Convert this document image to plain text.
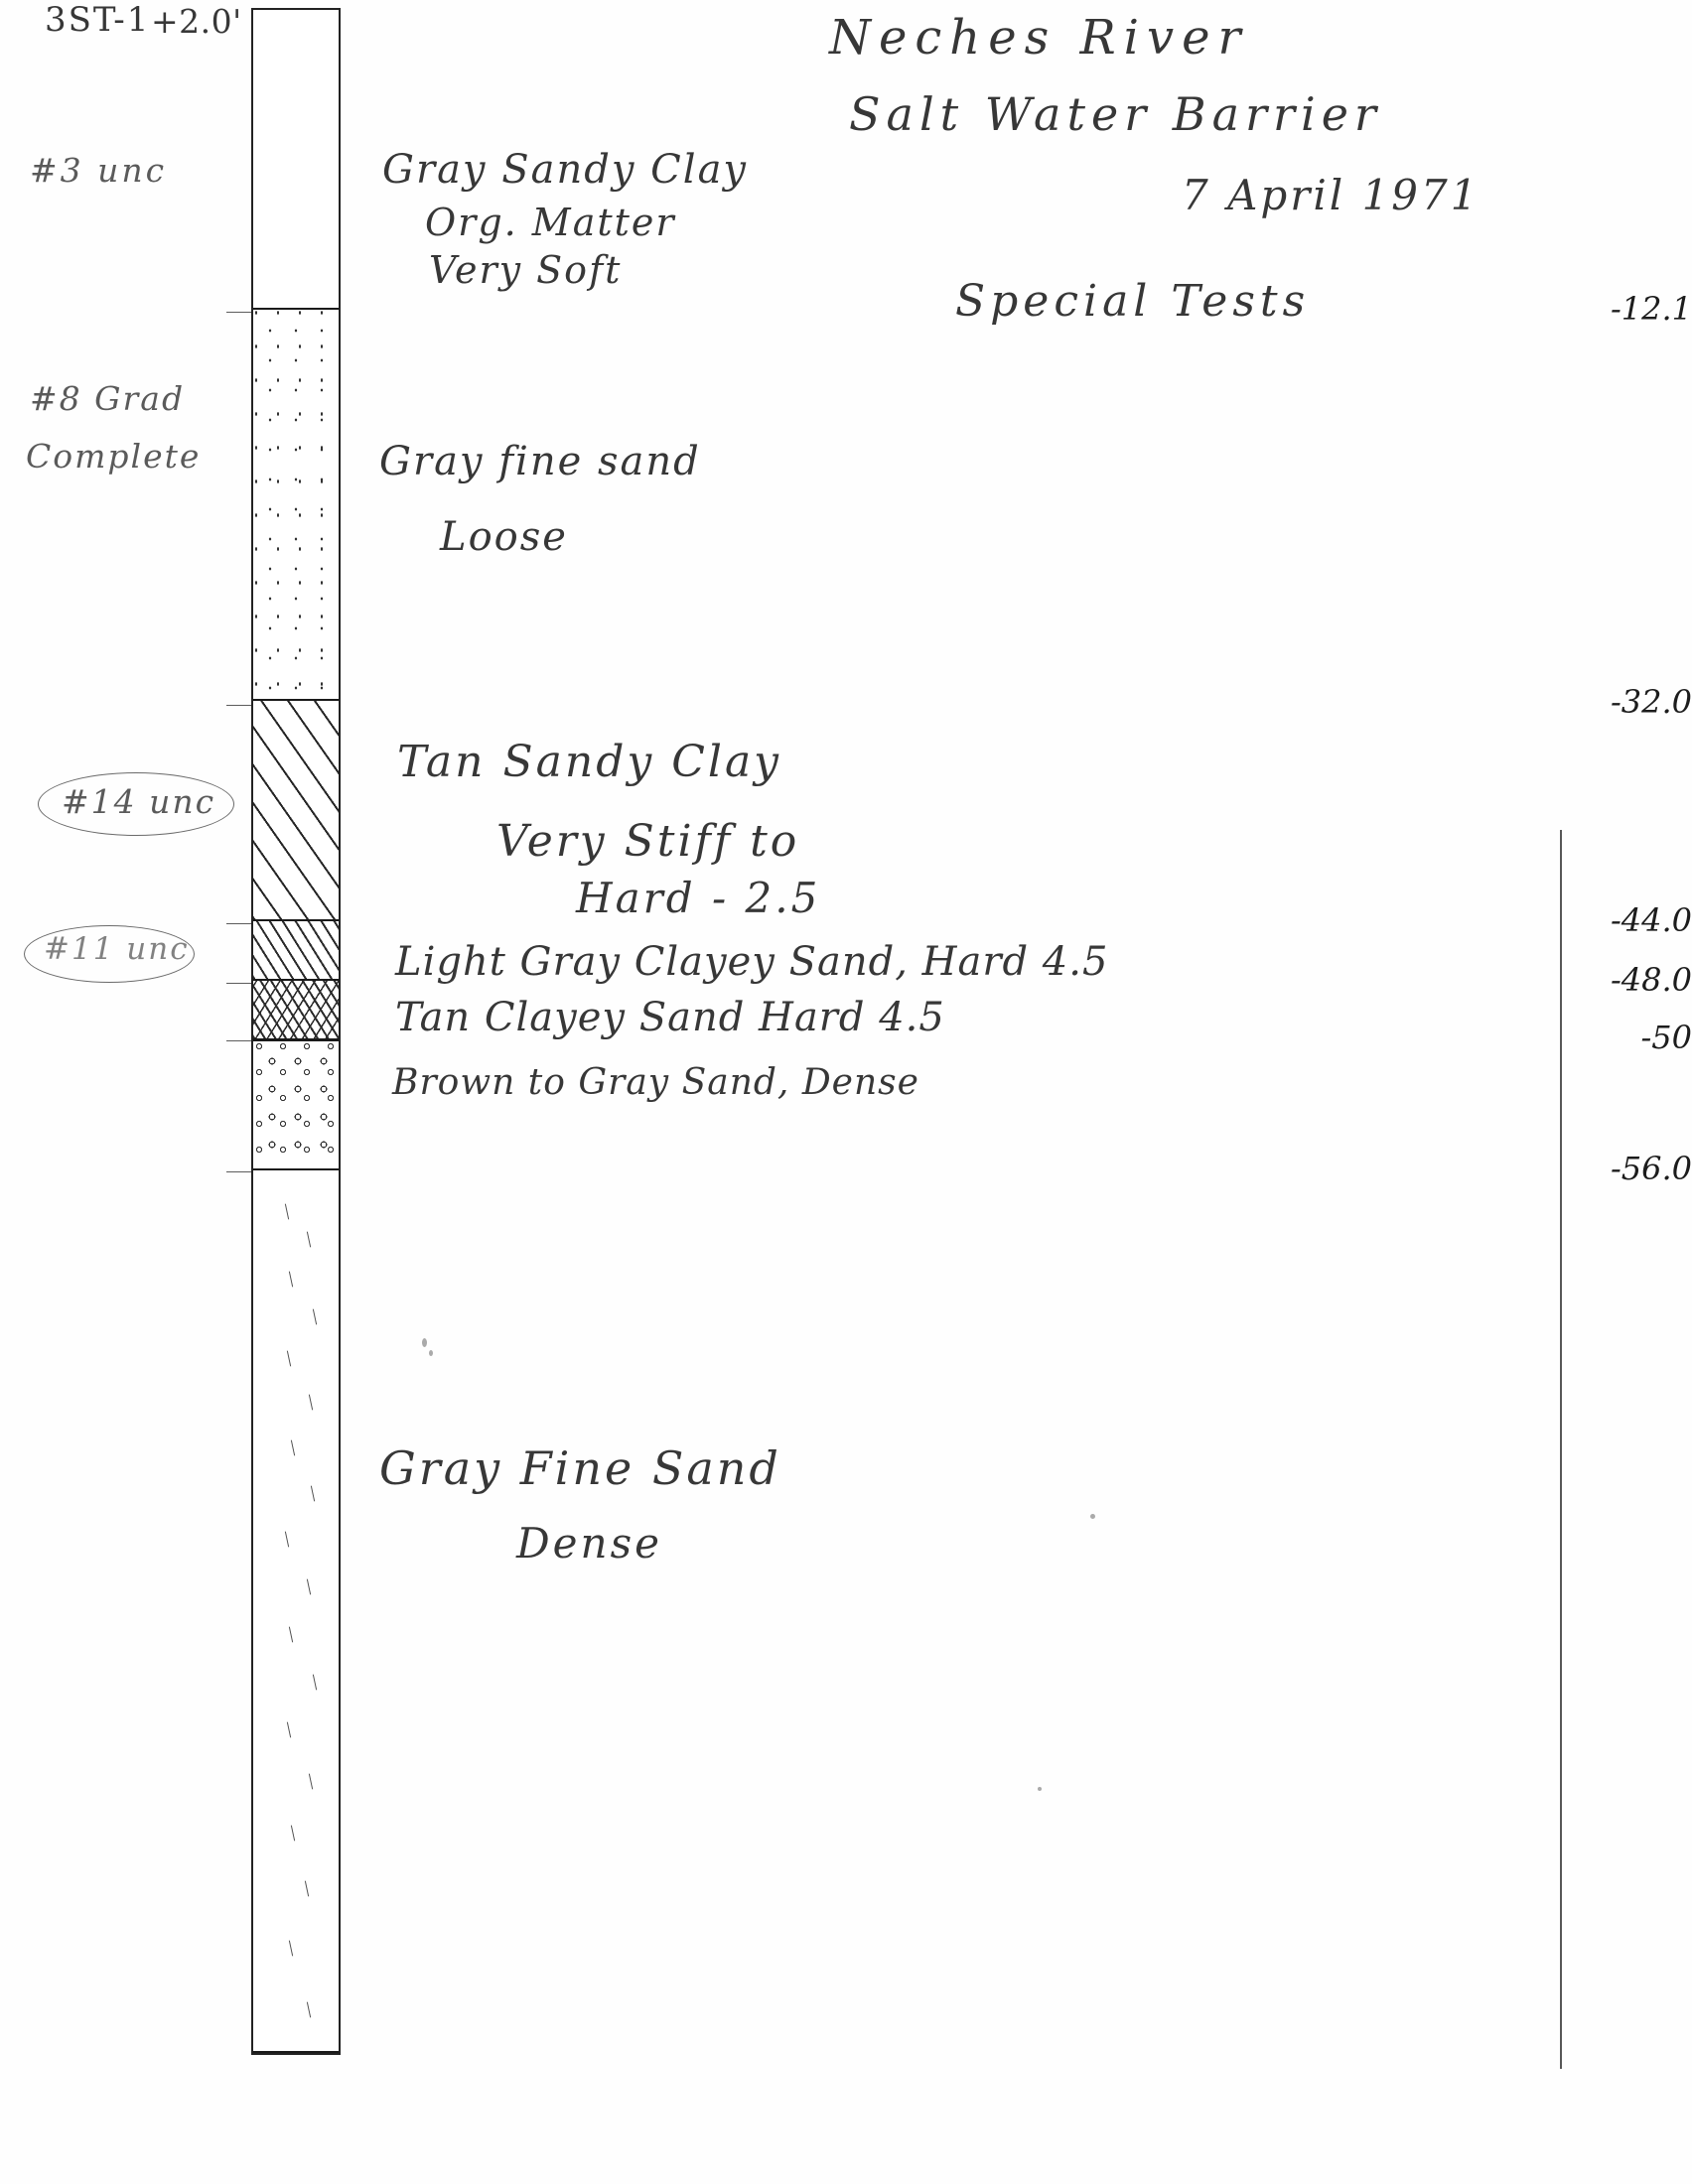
Neches River
Salt Water Barrier
7 April 1971
Special Tests
3ST-1 +2.0'
#3 unc
#8 Grad
Complete
#14 unc
#11 unc
-12.1
-32.0
-44.0
-48.0
-50
-56.0
Gray Sandy Clay
Org. Matter
Very Soft
Gray fine sand
Loose
Tan Sandy Clay
Very Stiff to
Hard - 2.5
Light Gray Clayey Sand, Hard 4.5
Tan Clayey Sand Hard 4.5
Brown to Gray Sand, Dense
Gray Fine Sand
Dense
